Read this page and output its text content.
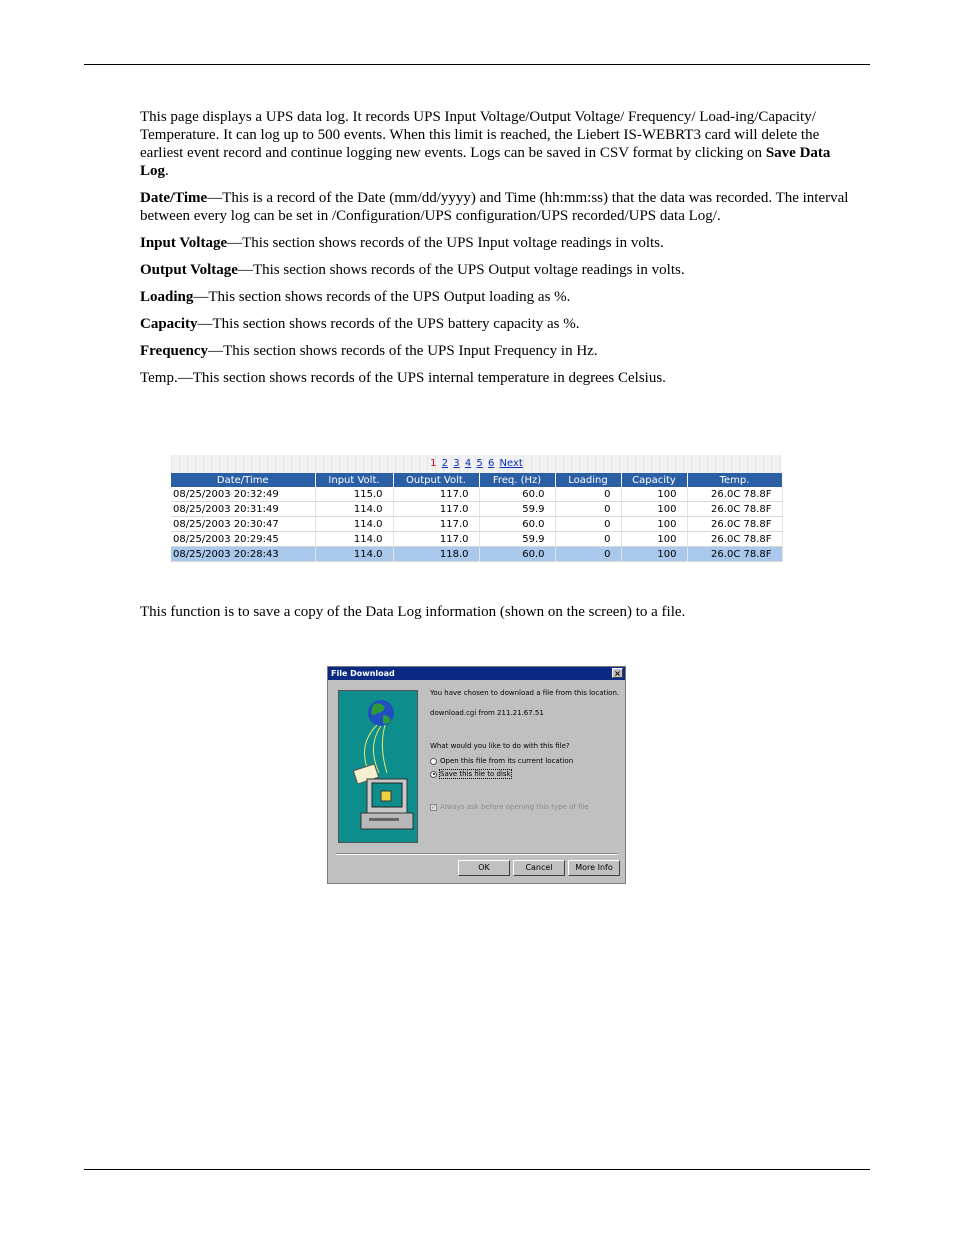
This page displays a UPS data log. It records UPS Input Voltage/Output Voltage/ Frequency/ Load-ing/Capacity/ Temperature. It can log up to 500 events. When this limit is reached, the Liebert IS-WEBRT3 card will delete the earliest event record and continue logging new events. Logs can be saved in CSV format by clicking on Save Data Log.

Date/Time—This is a record of the Date (mm/dd/yyyy) and Time (hh:mm:ss) that the data was recorded. The interval between every log can be set in /Configuration/UPS configuration/UPS recorded/UPS data Log/.

Input Voltage—This section shows records of the UPS Input voltage readings in volts.

Output Voltage—This section shows records of the UPS Output voltage readings in volts.

Loading—This section shows records of the UPS Output loading as %.

Capacity—This section shows records of the UPS battery capacity as %.

Frequency—This section shows records of the UPS Input Frequency in Hz.

Temp.—This section shows records of the UPS internal temperature in degrees Celsius.

1 2 3 4 5 6 Next
Date/Time	Input Volt.	Output Volt.	Freq. (Hz)	Loading	Capacity	Temp.
08/25/2003 20:32:49	115.0	117.0	60.0	0	100	26.0C 78.8F
08/25/2003 20:31:49	114.0	117.0	59.9	0	100	26.0C 78.8F
08/25/2003 20:30:47	114.0	117.0	60.0	0	100	26.0C 78.8F
08/25/2003 20:29:45	114.0	117.0	59.9	0	100	26.0C 78.8F
08/25/2003 20:28:43	114.0	118.0	60.0	0	100	26.0C 78.8F
This function is to save a copy of the Data Log information (shown on the screen) to a file.
File Download	×
You have chosen to download a file from this location.
download.cgi from 211.21.67.51
What would you like to do with this file?
Open this file from its current location
Save this file to disk
✓ Always ask before opening this type of file
OK	Cancel	More Info
